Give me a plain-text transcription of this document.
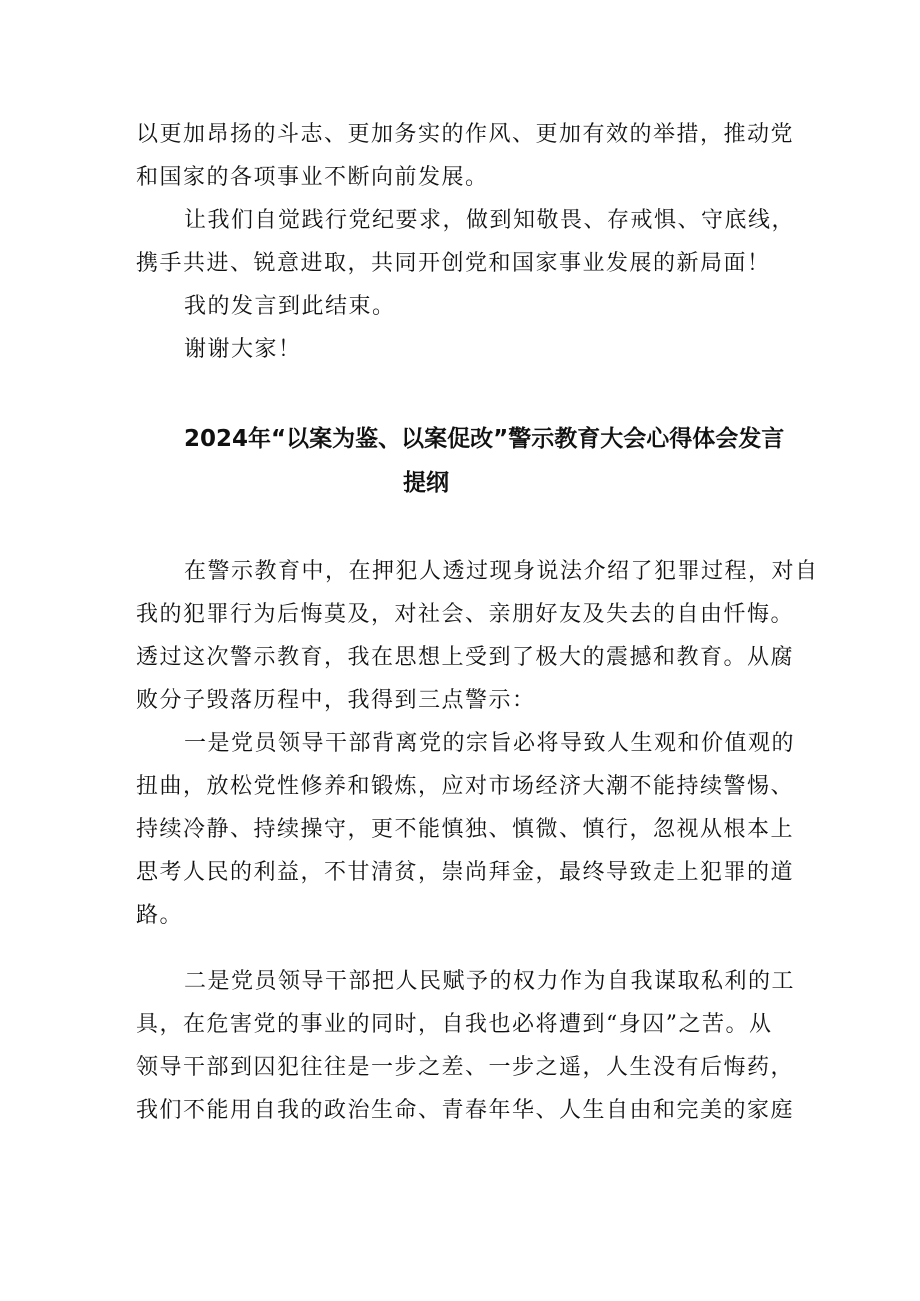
以更加昂扬的斗志、更加务实的作风、更加有效的举措，推动党
和国家的各项事业不断向前发展。
让我们自觉践行党纪要求，做到知敬畏、存戒惧、守底线，
携手共进、锐意进取，共同开创党和国家事业发展的新局面！
我的发言到此结束。
谢谢大家！
2024年“以案为鉴、以案促改”警示教育大会心得体会发言
提纲
在警示教育中，在押犯人透过现身说法介绍了犯罪过程，对自
我的犯罪行为后悔莫及，对社会、亲朋好友及失去的自由忏悔。
透过这次警示教育，我在思想上受到了极大的震撼和教育。从腐
败分子毁落历程中，我得到三点警示：
一是党员领导干部背离党的宗旨必将导致人生观和价值观的
扭曲，放松党性修养和锻炼，应对市场经济大潮不能持续警惕、
持续冷静、持续操守，更不能慎独、慎微、慎行，忽视从根本上
思考人民的利益，不甘清贫，崇尚拜金，最终导致走上犯罪的道
路。
二是党员领导干部把人民赋予的权力作为自我谋取私利的工
具，在危害党的事业的同时，自我也必将遭到“身囚”之苦。从
领导干部到囚犯往往是一步之差、一步之遥，人生没有后悔药，
我们不能用自我的政治生命、青春年华、人生自由和完美的家庭
